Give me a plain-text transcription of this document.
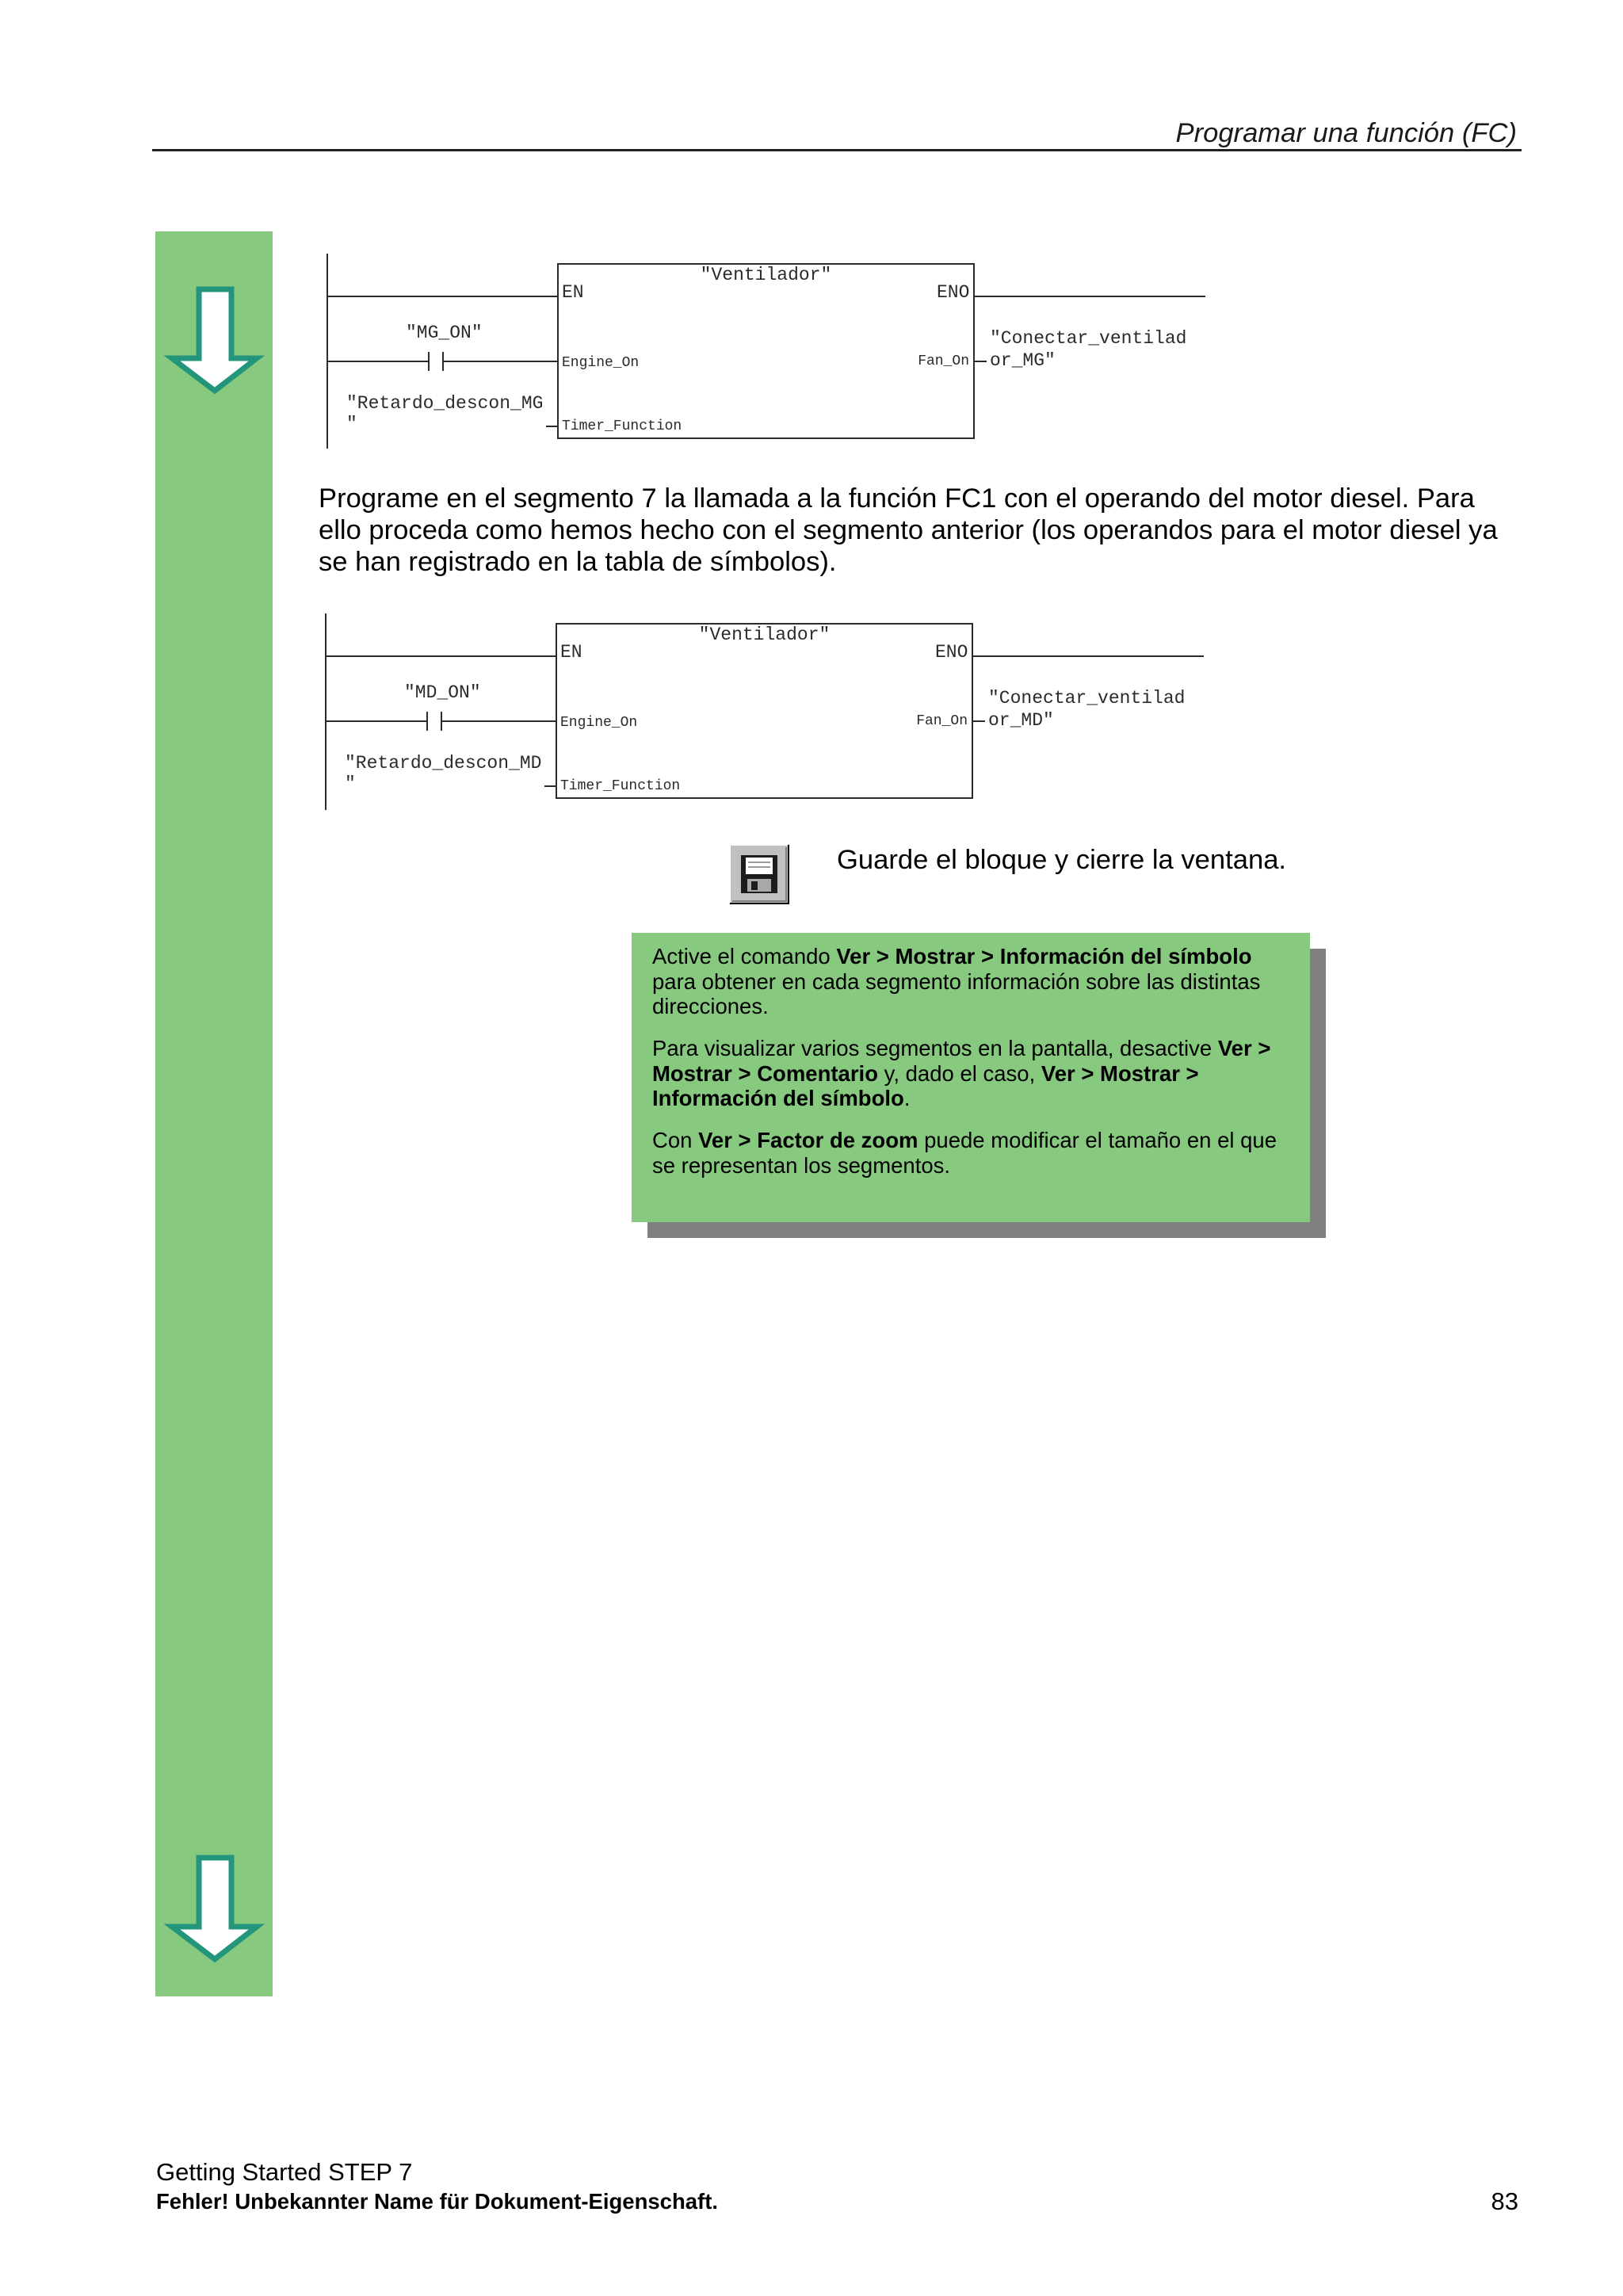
Programar una función (FC)
"Ventilador"
EN	ENO
"MG_ON"
Engine_On	Fan_On
Timer_Function
"Conectar_ventilad
or_MG"
"Retardo_descon_MG
"

Programe en el segmento 7 la llamada a la función FC1 con el operando del motor diesel. Para ello proceda como hemos hecho con el segmento anterior (los operandos para el motor diesel ya se han registrado en la tabla de símbolos).

"Ventilador"
EN	ENO
"MD_ON"
Engine_On	Fan_On
Timer_Function
"Conectar_ventilad
or_MD"
"Retardo_descon_MD
"
Guarde el bloque y cierre la ventana.

Active el comando Ver > Mostrar > Información del símbolo para obtener en cada segmento información sobre las distintas direcciones.

Para visualizar varios segmentos en la pantalla, desactive Ver > Mostrar > Comentario y, dado el caso, Ver > Mostrar > Información del símbolo.

Con Ver > Factor de zoom puede modificar el tamaño en el que se representan los segmentos.

Getting Started STEP 7
Fehler! Unbekannter Name für Dokument-Eigenschaft.	83
